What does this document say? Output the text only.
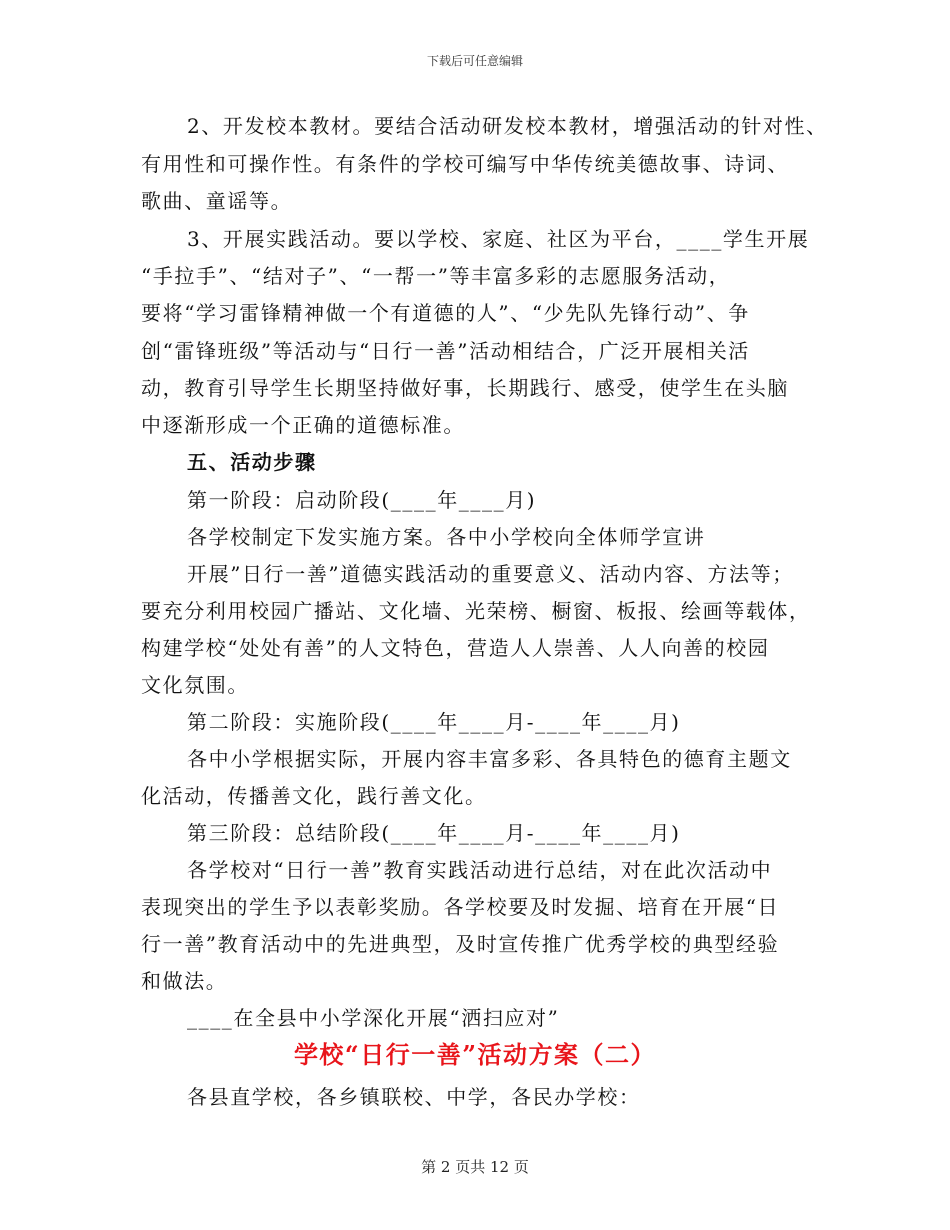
下载后可任意编辑
2、开发校本教材。要结合活动研发校本教材，增强活动的针对性、
有用性和可操作性。有条件的学校可编写中华传统美德故事、诗词、
歌曲、童谣等。
3、开展实践活动。要以学校、家庭、社区为平台，____学生开展
“手拉手”、“结对子”、“一帮一”等丰富多彩的志愿服务活动，
要将“学习雷锋精神做一个有道德的人”、“少先队先锋行动”、争
创“雷锋班级”等活动与“日行一善”活动相结合，广泛开展相关活
动，教育引导学生长期坚持做好事，长期践行、感受，使学生在头脑
中逐渐形成一个正确的道德标准。
五、活动步骤
第一阶段：启动阶段(____年____月)
各学校制定下发实施方案。各中小学校向全体师学宣讲
开展”日行一善”道德实践活动的重要意义、活动内容、方法等；
要充分利用校园广播站、文化墙、光荣榜、橱窗、板报、绘画等载体，
构建学校“处处有善”的人文特色，营造人人崇善、人人向善的校园
文化氛围。
第二阶段：实施阶段(____年____月-____年____月)
各中小学根据实际，开展内容丰富多彩、各具特色的德育主题文
化活动，传播善文化，践行善文化。
第三阶段：总结阶段(____年____月-____年____月)
各学校对“日行一善”教育实践活动进行总结，对在此次活动中
表现突出的学生予以表彰奖励。各学校要及时发掘、培育在开展“日
行一善”教育活动中的先进典型，及时宣传推广优秀学校的典型经验
和做法。
____在全县中小学深化开展“洒扫应对”
学校“日行一善”活动方案（二）
各县直学校，各乡镇联校、中学，各民办学校：
第 2 页共 12 页
